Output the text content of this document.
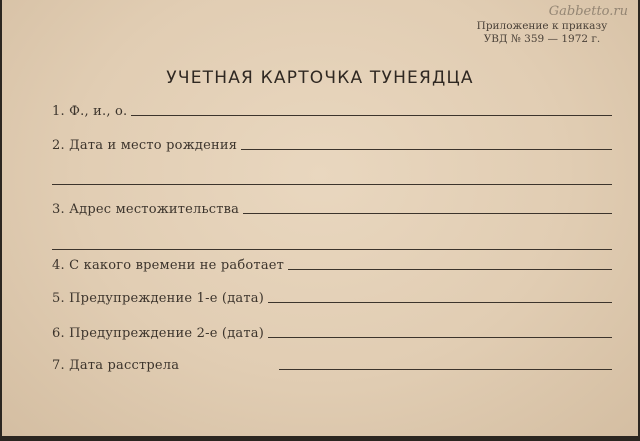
Gabbetto.ru
Приложение к приказу
УВД № 359 — 1972 г.
УЧЕТНАЯ КАРТОЧКА ТУНЕЯДЦА
1. Ф., и., о.
2. Дата и место рождения
3. Адрес местожительства
4. С какого времени не работает
5. Предупреждение 1-е (дата)
6. Предупреждение 2-е (дата)
7. Дата расстрела
